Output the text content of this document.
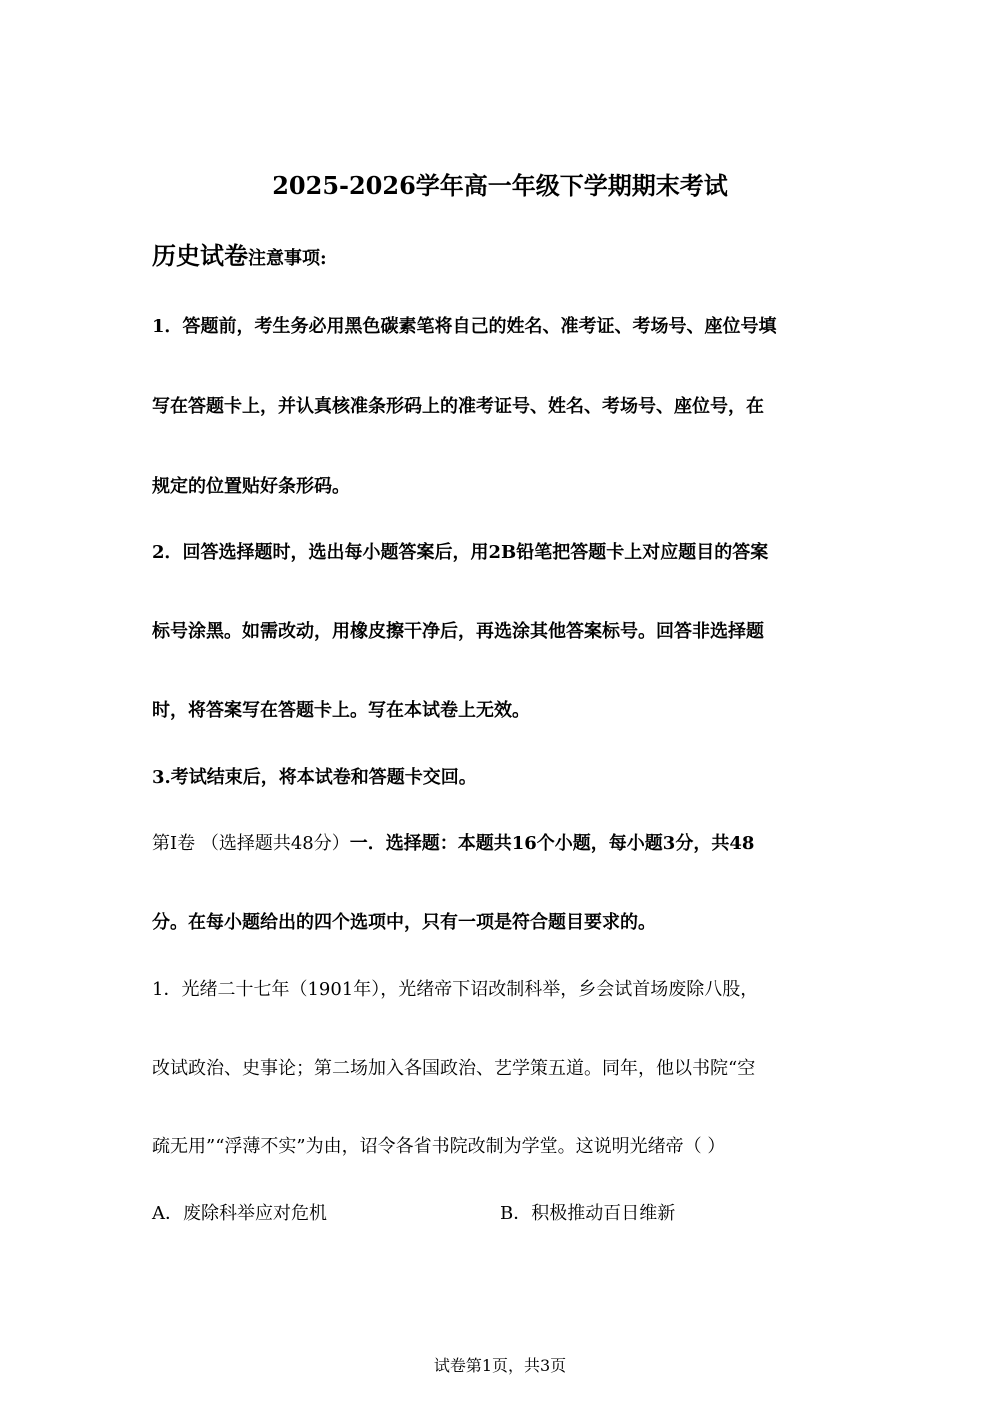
2025-2026学年高一年级下学期期末考试
历史试卷注意事项:
1．答题前，考生务必用黑色碳素笔将自己的姓名、准考证、考场号、座位号填
写在答题卡上，并认真核准条形码上的准考证号、姓名、考场号、座位号，在
规定的位置贴好条形码。
2．回答选择题时，选出每小题答案后，用2B铅笔把答题卡上对应题目的答案
标号涂黑。如需改动，用橡皮擦干净后，再选涂其他答案标号。回答非选择题
时，将答案写在答题卡上。写在本试卷上无效。
3.考试结束后，将本试卷和答题卡交回。
第I卷 （选择题共48分）一．选择题：本题共16个小题，每小题3分，共48
分。在每小题给出的四个选项中，只有一项是符合题目要求的。
1．光绪二十七年（1901年），光绪帝下诏改制科举，乡会试首场废除八股，
改试政治、史事论；第二场加入各国政治、艺学策五道。同年，他以书院“空
疏无用”“浮薄不实”为由，诏令各省书院改制为学堂。这说明光绪帝（ ）
A．废除科举应对危机	B．积极推动百日维新
试卷第1页，共3页
